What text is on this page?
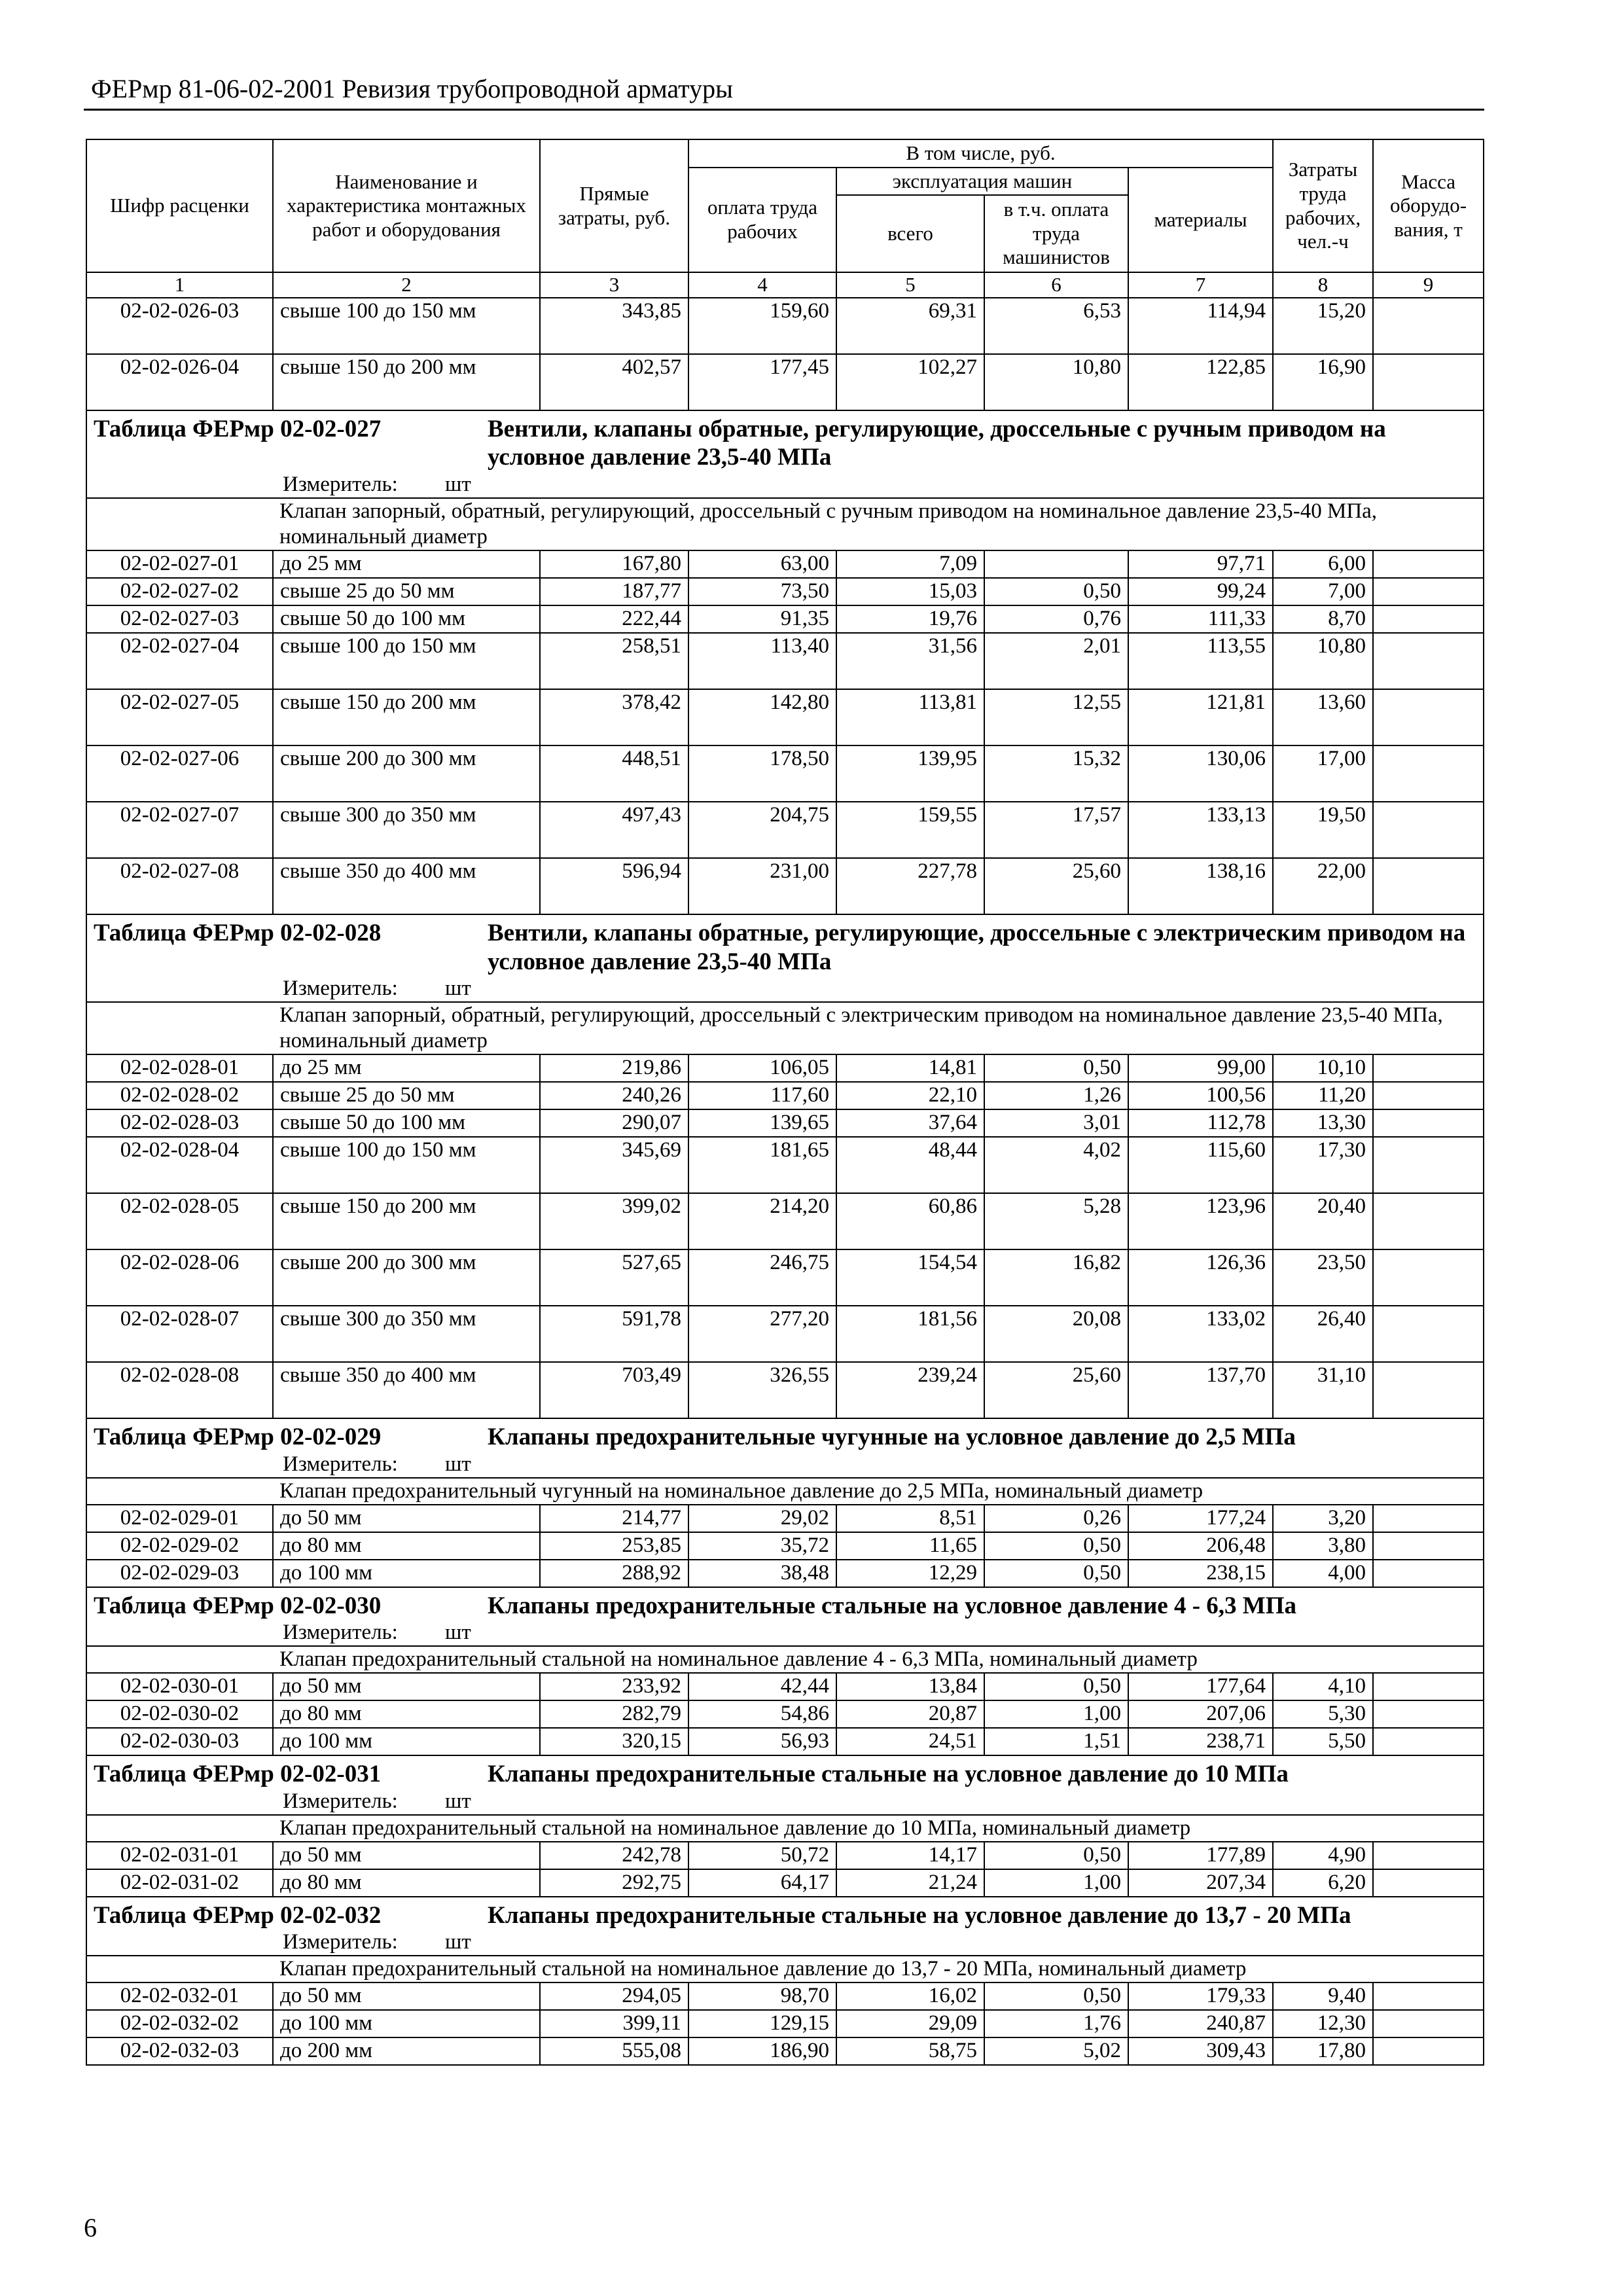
ФЕРмр 81-06-02-2001 Ревизия трубопроводной арматуры
Шифр расценки	Наименование и характеристика монтажных работ и оборудования	Прямые затраты, руб.	В том числе, руб.				Затраты труда рабочих, чел.-ч	Масса оборудо-вания, т
			оплата труда рабочих	эксплуатация машин		материалы		
				всего	в т.ч. оплата труда машинистов			
1	2	3	4	5	6	7	8	9
02-02-026-03	свыше 100 до 150 мм	343,85	159,60	69,31	6,53	114,94	15,20	
02-02-026-04	свыше 150 до 200 мм	402,57	177,45	102,27	10,80	122,85	16,90	

Таблица ФЕРмр 02-02-027 Вентили, клапаны обратные, регулирующие, дроссельные с ручным приводом на условное давление 23,5-40 МПа								

Измеритель: шт								
	Клапан запорный, обратный, регулирующий, дроссельный с ручным приводом на номинальное давление 23,5-40 МПа, номинальный диаметр							
02-02-027-01	до 25 мм	167,80	63,00	7,09		97,71	6,00	
02-02-027-02	свыше 25 до 50 мм	187,77	73,50	15,03	0,50	99,24	7,00	
02-02-027-03	свыше 50 до 100 мм	222,44	91,35	19,76	0,76	111,33	8,70	
02-02-027-04	свыше 100 до 150 мм	258,51	113,40	31,56	2,01	113,55	10,80	
02-02-027-05	свыше 150 до 200 мм	378,42	142,80	113,81	12,55	121,81	13,60	
02-02-027-06	свыше 200 до 300 мм	448,51	178,50	139,95	15,32	130,06	17,00	
02-02-027-07	свыше 300 до 350 мм	497,43	204,75	159,55	17,57	133,13	19,50	
02-02-027-08	свыше 350 до 400 мм	596,94	231,00	227,78	25,60	138,16	22,00	

Таблица ФЕРмр 02-02-028 Вентили, клапаны обратные, регулирующие, дроссельные с электрическим приводом на условное давление 23,5-40 МПа								

Измеритель: шт								
	Клапан запорный, обратный, регулирующий, дроссельный с электрическим приводом на номинальное давление 23,5-40 МПа, номинальный диаметр							
02-02-028-01	до 25 мм	219,86	106,05	14,81	0,50	99,00	10,10	
02-02-028-02	свыше 25 до 50 мм	240,26	117,60	22,10	1,26	100,56	11,20	
02-02-028-03	свыше 50 до 100 мм	290,07	139,65	37,64	3,01	112,78	13,30	
02-02-028-04	свыше 100 до 150 мм	345,69	181,65	48,44	4,02	115,60	17,30	
02-02-028-05	свыше 150 до 200 мм	399,02	214,20	60,86	5,28	123,96	20,40	
02-02-028-06	свыше 200 до 300 мм	527,65	246,75	154,54	16,82	126,36	23,50	
02-02-028-07	свыше 300 до 350 мм	591,78	277,20	181,56	20,08	133,02	26,40	
02-02-028-08	свыше 350 до 400 мм	703,49	326,55	239,24	25,60	137,70	31,10	

Таблица ФЕРмр 02-02-029 Клапаны предохранительные чугунные на условное давление до 2,5 МПа								

Измеритель: шт								
	Клапан предохранительный чугунный на номинальное давление до 2,5 МПа, номинальный диаметр							
02-02-029-01	до 50 мм	214,77	29,02	8,51	0,26	177,24	3,20	
02-02-029-02	до 80 мм	253,85	35,72	11,65	0,50	206,48	3,80	
02-02-029-03	до 100 мм	288,92	38,48	12,29	0,50	238,15	4,00	

Таблица ФЕРмр 02-02-030 Клапаны предохранительные стальные на условное давление 4 - 6,3 МПа								

Измеритель: шт								
	Клапан предохранительный стальной на номинальное давление 4 - 6,3 МПа, номинальный диаметр							
02-02-030-01	до 50 мм	233,92	42,44	13,84	0,50	177,64	4,10	
02-02-030-02	до 80 мм	282,79	54,86	20,87	1,00	207,06	5,30	
02-02-030-03	до 100 мм	320,15	56,93	24,51	1,51	238,71	5,50	

Таблица ФЕРмр 02-02-031 Клапаны предохранительные стальные на условное давление до 10 МПа								

Измеритель: шт								
	Клапан предохранительный стальной на номинальное давление до 10 МПа, номинальный диаметр							
02-02-031-01	до 50 мм	242,78	50,72	14,17	0,50	177,89	4,90	
02-02-031-02	до 80 мм	292,75	64,17	21,24	1,00	207,34	6,20	

Таблица ФЕРмр 02-02-032 Клапаны предохранительные стальные на условное давление до 13,7 - 20 МПа								

Измеритель: шт								
	Клапан предохранительный стальной на номинальное давление до 13,7 - 20 МПа, номинальный диаметр							
02-02-032-01	до 50 мм	294,05	98,70	16,02	0,50	179,33	9,40	
02-02-032-02	до 100 мм	399,11	129,15	29,09	1,76	240,87	12,30	
02-02-032-03	до 200 мм	555,08	186,90	58,75	5,02	309,43	17,80	
6
